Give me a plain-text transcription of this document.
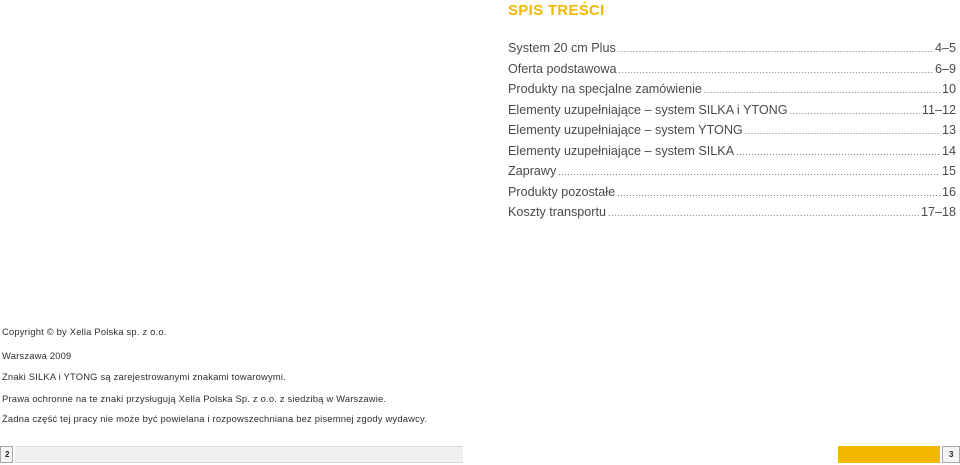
SPIS TREŚCI
System 20 cm Plus .....	4–5
Oferta podstawowa .....	6–9
Produkty na specjalne zamówienie .....	10
Elementy uzupełniające – system SILKA i YTONG .....	11–12
Elementy uzupełniające – system YTONG .....	13
Elementy uzupełniające – system SILKA .....	14
Zaprawy .....	15
Produkty pozostałe .....	16
Koszty transportu .....	17–18
Copyright © by Xella Polska sp. z o.o.
Warszawa 2009
Znaki SILKA i YTONG są zarejestrowanymi znakami towarowymi.
Prawa ochronne na te znaki przysługują Xella Polska Sp. z o.o. z siedzibą w Warszawie.
Żadna część tej pracy nie może być powielana i rozpowszechniana bez pisemnej zgody wydawcy.
2	3
